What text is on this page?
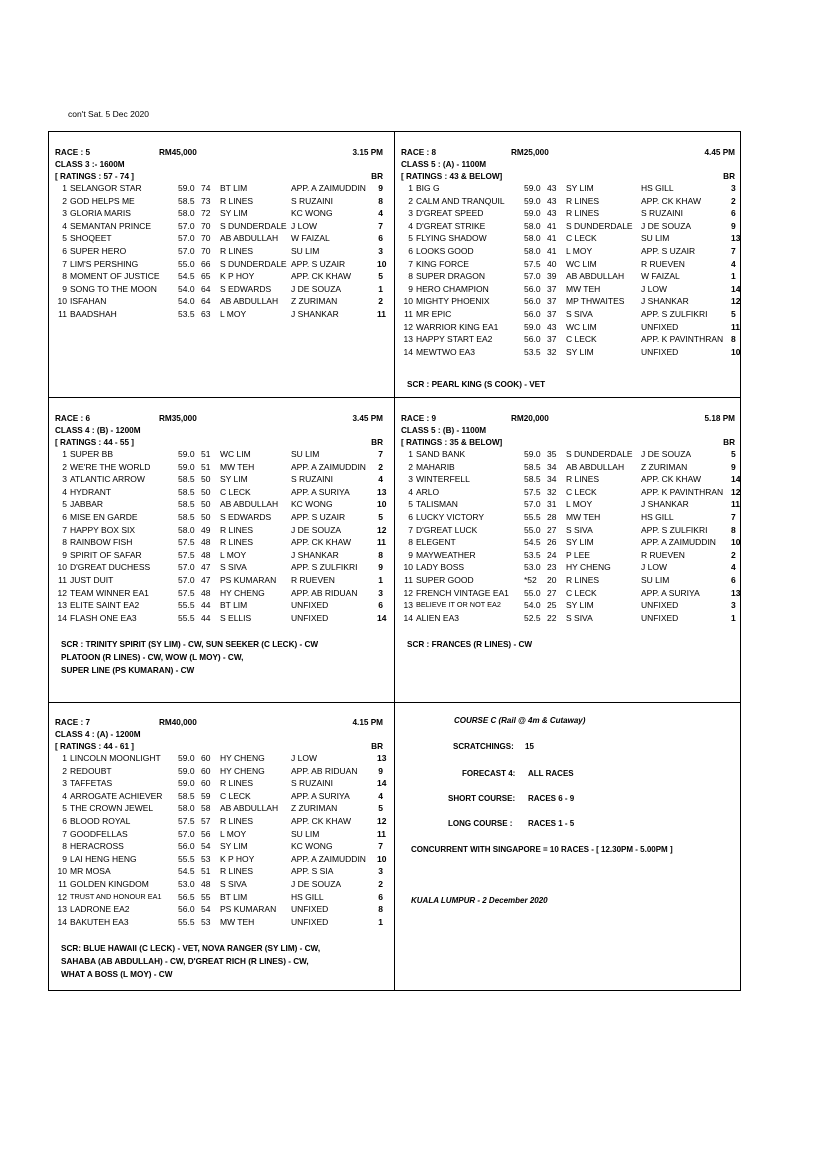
con't Sat. 5 Dec 2020
RACE : 5	RM45,000	3.15 PM
CLASS 3 :- 1600M
[ RATINGS : 57 - 74 ]	BR
1	SELANGOR STAR	59.0	74	BT LIM	APP. A ZAIMUDDIN	9
2	GOD HELPS ME	58.5	73	R LINES	S RUZAINI	8
3	GLORIA MARIS	58.0	72	SY LIM	KC WONG	4
4	SEMANTAN PRINCE	57.0	70	S DUNDERDALE	J LOW	7
5	SHOQEET	57.0	70	AB ABDULLAH	W FAIZAL	6
6	SUPER HERO	57.0	70	R LINES	SU LIM	3
7	LIM'S PERSHING	55.0	66	S DUNDERDALE	APP. S UZAIR	10
8	MOMENT OF JUSTICE	54.5	65	K P HOY	APP. CK KHAW	5
9	SONG TO THE MOON	54.0	64	S EDWARDS	J DE SOUZA	1
10	ISFAHAN	54.0	64	AB ABDULLAH	Z ZURIMAN	2
11	BAADSHAH	53.5	63	L MOY	J SHANKAR	11
RACE : 8	RM25,000	4.45 PM
CLASS 5 : (A) - 1100M
[ RATINGS : 43 & BELOW]	BR
1	BIG G	59.0	43	SY LIM	HS GILL	3
2	CALM AND TRANQUIL	59.0	43	R LINES	APP. CK KHAW	2
3	D'GREAT SPEED	59.0	43	R LINES	S RUZAINI	6
4	D'GREAT STRIKE	58.0	41	S DUNDERDALE	J DE SOUZA	9
5	FLYING SHADOW	58.0	41	C LECK	SU LIM	13
6	LOOKS GOOD	58.0	41	L MOY	APP. S UZAIR	7
7	KING FORCE	57.5	40	WC LIM	R RUEVEN	4
8	SUPER DRAGON	57.0	39	AB ABDULLAH	W FAIZAL	1
9	HERO CHAMPION	56.0	37	MW TEH	J LOW	14
10	MIGHTY PHOENIX	56.0	37	MP THWAITES	J SHANKAR	12
11	MR EPIC	56.0	37	S SIVA	APP. S ZULFIKRI	5
12	WARRIOR KING EA1	59.0	43	WC LIM	UNFIXED	11
13	HAPPY START EA2	56.0	37	C LECK	APP. K PAVINTHRAN	8
14	MEWTWO EA3	53.5	32	SY LIM	UNFIXED	10
SCR : PEARL KING (S COOK) - VET
RACE : 6	RM35,000	3.45 PM
CLASS 4 : (B) - 1200M
[ RATINGS : 44 - 55 ]	BR
1	SUPER BB	59.0	51	WC LIM	SU LIM	7
2	WE'RE THE WORLD	59.0	51	MW TEH	APP. A ZAIMUDDIN	2
3	ATLANTIC ARROW	58.5	50	SY LIM	S RUZAINI	4
4	HYDRANT	58.5	50	C LECK	APP. A SURIYA	13
5	JABBAR	58.5	50	AB ABDULLAH	KC WONG	10
6	MISE EN GARDE	58.5	50	S EDWARDS	APP. S UZAIR	5
7	HAPPY BOX SIX	58.0	49	R LINES	J DE SOUZA	12
8	RAINBOW FISH	57.5	48	R LINES	APP. CK KHAW	11
9	SPIRIT OF SAFAR	57.5	48	L MOY	J SHANKAR	8
10	D'GREAT DUCHESS	57.0	47	S SIVA	APP. S ZULFIKRI	9
11	JUST DUIT	57.0	47	PS KUMARAN	R RUEVEN	1
12	TEAM WINNER EA1	57.5	48	HY CHENG	APP. AB RIDUAN	3
13	ELITE SAINT EA2	55.5	44	BT LIM	UNFIXED	6
14	FLASH ONE EA3	55.5	44	S ELLIS	UNFIXED	14
SCR : TRINITY SPIRIT (SY LIM) - CW, SUN SEEKER (C LECK) - CW
PLATOON (R LINES) - CW, WOW (L MOY) - CW,
SUPER LINE (PS KUMARAN) - CW
RACE : 9	RM20,000	5.18 PM
CLASS 5 : (B) - 1100M
[ RATINGS : 35 & BELOW]	BR
1	SAND BANK	59.0	35	S DUNDERDALE	J DE SOUZA	5
2	MAHARIB	58.5	34	AB ABDULLAH	Z ZURIMAN	9
3	WINTERFELL	58.5	34	R LINES	APP. CK KHAW	14
4	ARLO	57.5	32	C LECK	APP. K PAVINTHRAN	12
5	TALISMAN	57.0	31	L MOY	J SHANKAR	11
6	LUCKY VICTORY	55.5	28	MW TEH	HS GILL	7
7	D'GREAT LUCK	55.0	27	S SIVA	APP. S ZULFIKRI	8
8	ELEGENT	54.5	26	SY LIM	APP. A ZAIMUDDIN	10
9	MAYWEATHER	53.5	24	P LEE	R RUEVEN	2
10	LADY BOSS	53.0	23	HY CHENG	J LOW	4
11	SUPER GOOD	*52	20	R LINES	SU LIM	6
12	FRENCH VINTAGE EA1	55.0	27	C LECK	APP. A SURIYA	13
13	BELIEVE IT OR NOT EA2	54.0	25	SY LIM	UNFIXED	3
14	ALIEN EA3	52.5	22	S SIVA	UNFIXED	1
SCR : FRANCES (R LINES) - CW
RACE : 7	RM40,000	4.15 PM
CLASS 4 : (A) - 1200M
[ RATINGS : 44 - 61 ]	BR
1	LINCOLN MOONLIGHT	59.0	60	HY CHENG	J LOW	13
2	REDOUBT	59.0	60	HY CHENG	APP. AB RIDUAN	9
3	TAFFETAS	59.0	60	R LINES	S RUZAINI	14
4	ARROGATE ACHIEVER	58.5	59	C LECK	APP. A SURIYA	4
5	THE CROWN JEWEL	58.0	58	AB ABDULLAH	Z ZURIMAN	5
6	BLOOD ROYAL	57.5	57	R LINES	APP. CK KHAW	12
7	GOODFELLAS	57.0	56	L MOY	SU LIM	11
8	HERACROSS	56.0	54	SY LIM	KC WONG	7
9	LAI HENG HENG	55.5	53	K P HOY	APP. A ZAIMUDDIN	10
10	MR MOSA	54.5	51	R LINES	APP. S SIA	3
11	GOLDEN KINGDOM	53.0	48	S SIVA	J DE SOUZA	2
12	TRUST AND HONOUR EA1	56.5	55	BT LIM	HS GILL	6
13	LADRONE EA2	56.0	54	PS KUMARAN	UNFIXED	8
14	BAKUTEH EA3	55.5	53	MW TEH	UNFIXED	1
SCR: BLUE HAWAII (C LECK) - VET, NOVA RANGER (SY LIM) - CW,
SAHABA (AB ABDULLAH) - CW, D'GREAT RICH (R LINES) - CW,
WHAT A BOSS (L MOY) - CW
COURSE C (Rail @ 4m & Cutaway)
SCRATCHINGS: 15
FORECAST 4: ALL RACES
SHORT COURSE: RACES 6 - 9
LONG COURSE : RACES 1 - 5
CONCURRENT WITH SINGAPORE = 10 RACES - [ 12.30PM - 5.00PM ]
KUALA LUMPUR - 2 December 2020
